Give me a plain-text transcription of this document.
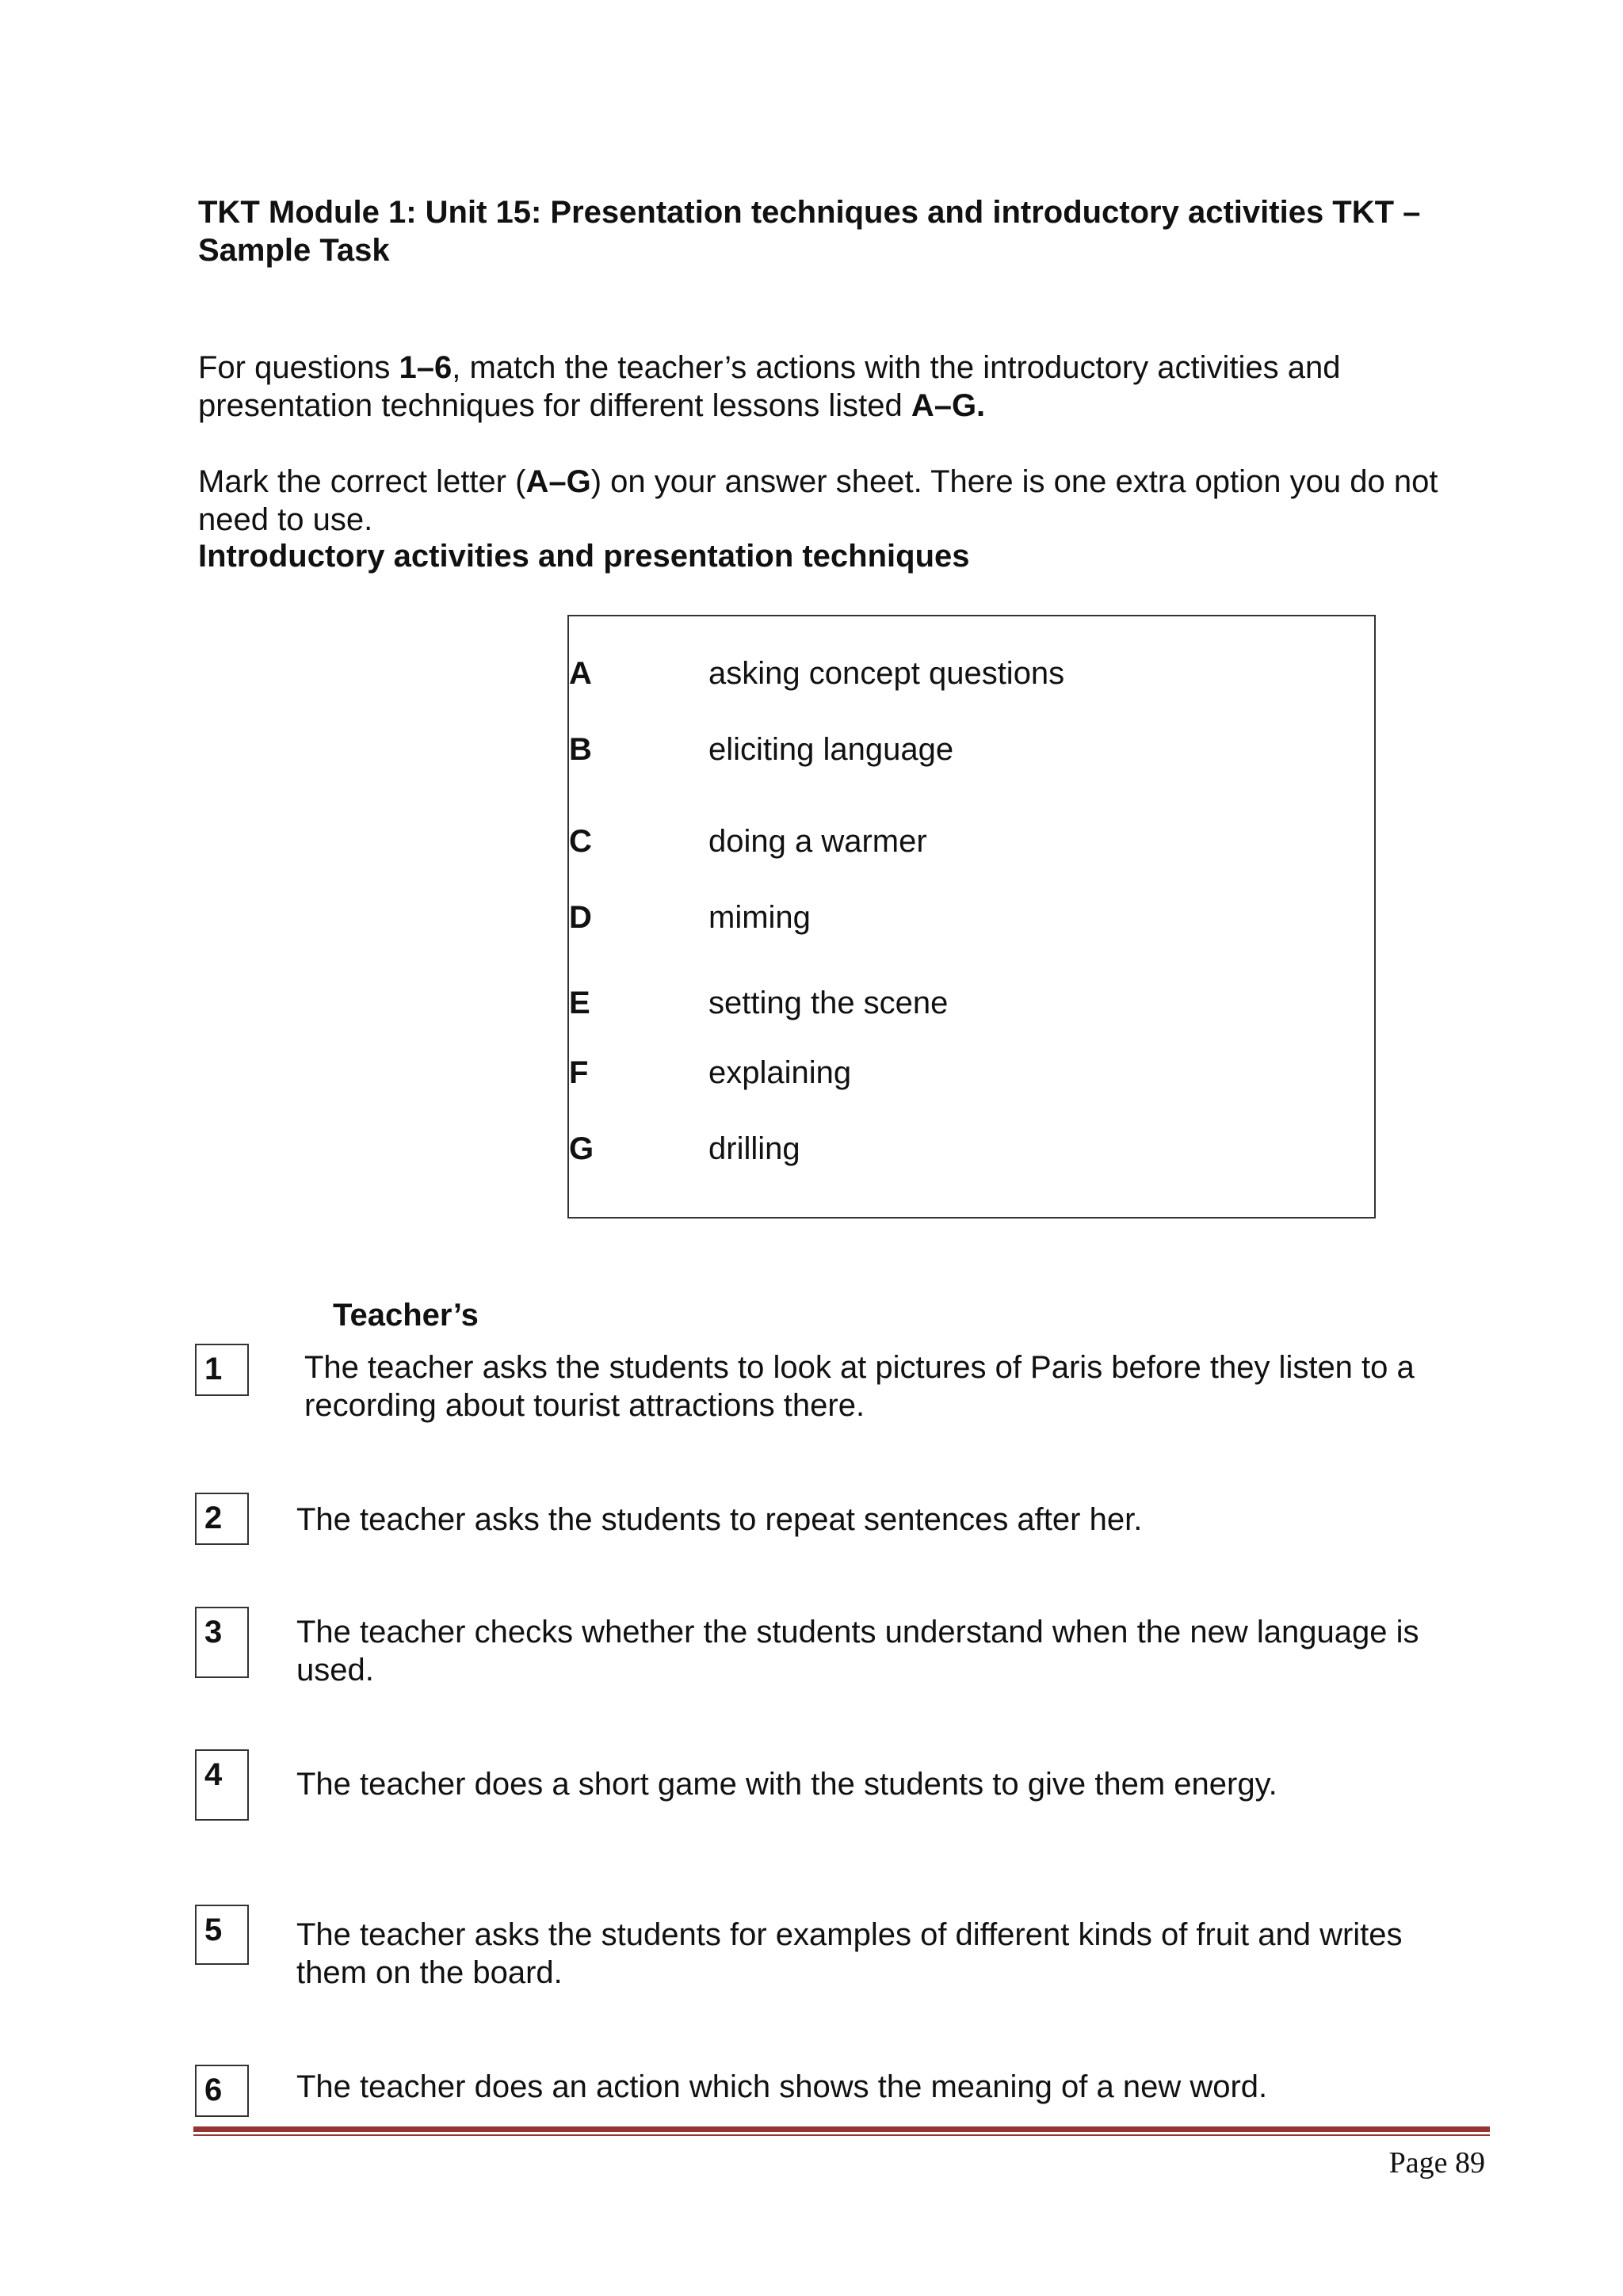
TKT Module 1: Unit 15: Presentation techniques and introductory activities TKT – Sample Task
For questions 1–6, match the teacher’s actions with the introductory activities and presentation techniques for different lessons listed A–G.
Mark the correct letter (A–G) on your answer sheet. There is one extra option you do not need to use.
Introductory activities and presentation techniques
A	asking concept questions
B	eliciting language
C	doing a warmer
D	miming
E	setting the scene
F	explaining
G	drilling
Teacher’s
1	The teacher asks the students to look at pictures of Paris before they listen to a recording about tourist attractions there.
2	The teacher asks the students to repeat sentences after her.
3	The teacher checks whether the students understand when the new language is used.
4	The teacher does a short game with the students to give them energy.
5	The teacher asks the students for examples of different kinds of fruit and writes them on the board.
6	The teacher does an action which shows the meaning of a new word.
Page 89
